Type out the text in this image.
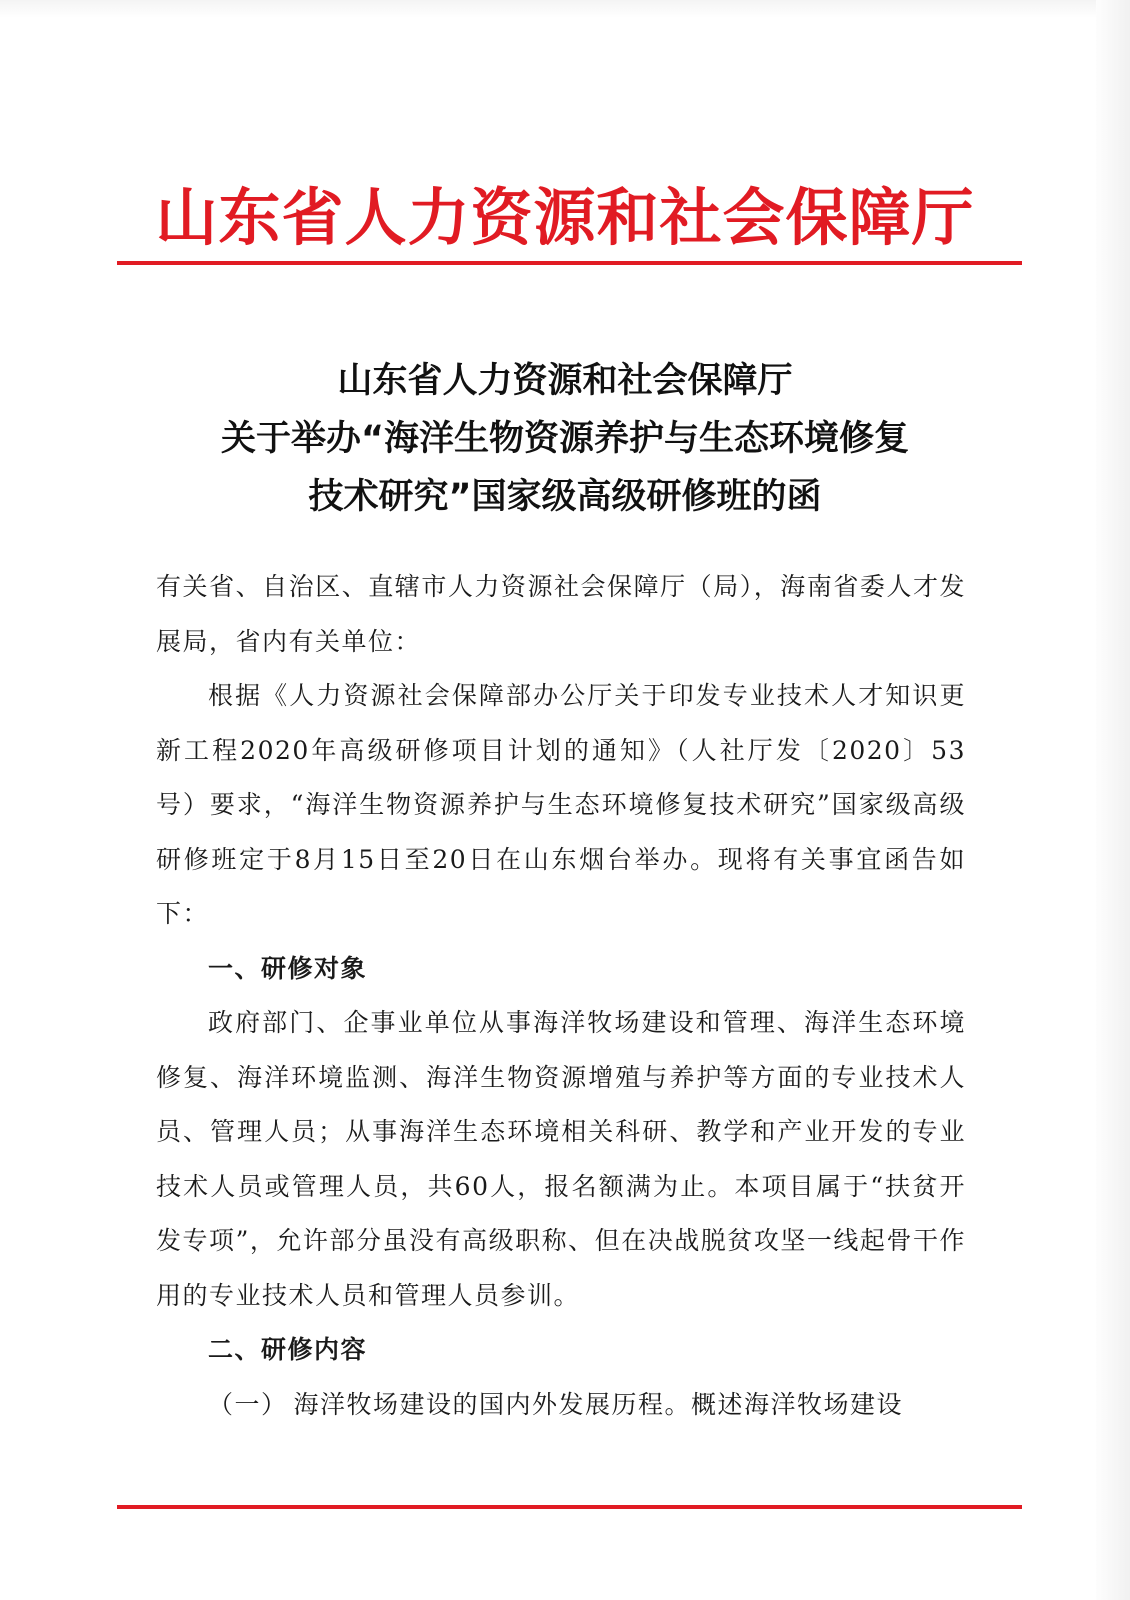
山东省人力资源和社会保障厅
山东省人力资源和社会保障厅
关于举办“海洋生物资源养护与生态环境修复
技术研究”国家级高级研修班的函

有关省、自治区、直辖市人力资源社会保障厅（局），海南省委人才发展局，省内有关单位：

根据《人力资源社会保障部办公厅关于印发专业技术人才知识更新工程2020年高级研修项目计划的通知》（人社厅发〔2020〕53号）要求，“海洋生物资源养护与生态环境修复技术研究”国家级高级研修班定于8月15日至20日在山东烟台举办。现将有关事宜函告如下：

一、研修对象

政府部门、企事业单位从事海洋牧场建设和管理、海洋生态环境修复、海洋环境监测、海洋生物资源增殖与养护等方面的专业技术人员、管理人员；从事海洋生态环境相关科研、教学和产业开发的专业技术人员或管理人员，共60人，报名额满为止。本项目属于“扶贫开发专项”，允许部分虽没有高级职称、但在决战脱贫攻坚一线起骨干作用的专业技术人员和管理人员参训。

二、研修内容

（一） 海洋牧场建设的国内外发展历程。概述海洋牧场建设
